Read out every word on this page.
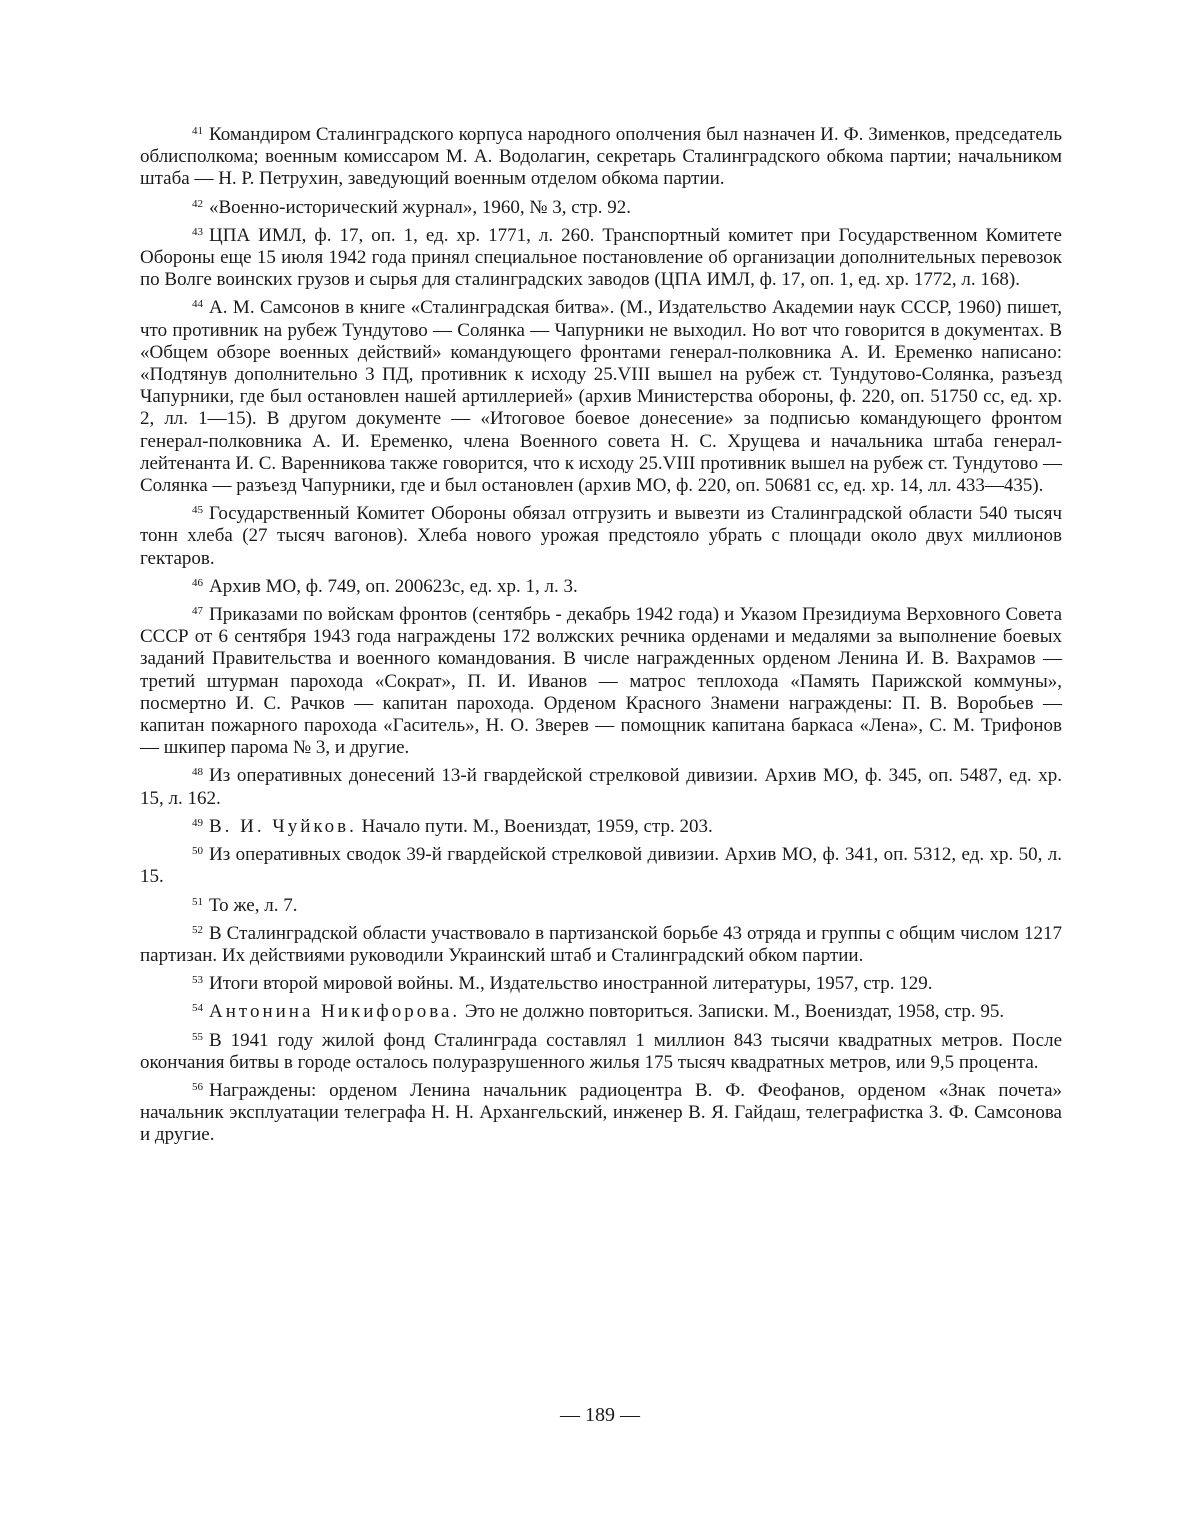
$^{41}$ Командиром Сталинградского корпуса народного ополчения был назначен И. Ф. Зименков, председатель облисполкома; военным комиссаром М. А. Водолагин, секретарь Сталинградского обкома партии; начальником штаба — Н. Р. Петрухин, заведующий военным отделом обкома партии.

$^{42}$ «Военно-исторический журнал», 1960, № 3, стр. 92.

$^{43}$ ЦПА ИМЛ, ф. 17, оп. 1, ед. хр. 1771, л. 260. Транспортный комитет при Государственном Комитете Обороны еще 15 июля 1942 года принял специальное постановление об организации дополнительных перевозок по Волге воинских грузов и сырья для сталинградских заводов (ЦПА ИМЛ, ф. 17, оп. 1, ед. хр. 1772, л. 168).

$^{44}$ А. М. Самсонов в книге «Сталинградская битва». (М., Издательство Академии наук СССР, 1960) пишет, что противник на рубеж Тундутово — Солянка — Чапурники не выходил. Но вот что говорится в документах. В «Общем обзоре военных действий» командующего фронтами генерал-полковника А. И. Еременко написано: «Подтянув дополнительно 3 ПД, противник к исходу 25.VIII вышел на рубеж ст. Тундутово-Солянка, разъезд Чапурники, где был остановлен нашей артиллерией» (архив Министерства обороны, ф. 220, оп. 51750 сс, ед. хр. 2, лл. 1—15). В другом документе — «Итоговое боевое донесение» за подписью командующего фронтом генерал-полковника А. И. Еременко, члена Военного совета Н. С. Хрущева и начальника штаба генерал-лейтенанта И. С. Варенникова также говорится, что к исходу 25.VIII противник вышел на рубеж ст. Тундутово — Солянка — разъезд Чапурники, где и был остановлен (архив МО, ф. 220, оп. 50681 сс, ед. хр. 14, лл. 433—435).

$^{45}$ Государственный Комитет Обороны обязал отгрузить и вывезти из Сталинградской области 540 тысяч тонн хлеба (27 тысяч вагонов). Хлеба нового урожая предстояло убрать с площади около двух миллионов гектаров.

$^{46}$ Архив МО, ф. 749, оп. 200623с, ед. хр. 1, л. 3.

$^{47}$ Приказами по войскам фронтов (сентябрь - декабрь 1942 года) и Указом Президиума Верховного Совета СССР от 6 сентября 1943 года награждены 172 волжских речника орденами и медалями за выполнение боевых заданий Правительства и военного командования. В числе награжденных орденом Ленина И. В. Вахрамов — третий штурман парохода «Сократ», П. И. Иванов — матрос теплохода «Память Парижской коммуны», посмертно И. С. Рачков — капитан парохода. Орденом Красного Знамени награждены: П. В. Воробьев — капитан пожарного парохода «Гаситель», Н. О. Зверев — помощник капитана баркаса «Лена», С. М. Трифонов — шкипер парома № 3, и другие.

$^{48}$ Из оперативных донесений 13-й гвардейской стрелковой дивизии. Архив МО, ф. 345, оп. 5487, ед. хр. 15, л. 162.

$^{49}$ В. И. Чуйков. Начало пути. М., Воениздат, 1959, стр. 203.

$^{50}$ Из оперативных сводок 39-й гвардейской стрелковой дивизии. Архив МО, ф. 341, оп. 5312, ед. хр. 50, л. 15.

$^{51}$ То же, л. 7.

$^{52}$ В Сталинградской области участвовало в партизанской борьбе 43 отряда и группы с общим числом 1217 партизан. Их действиями руководили Украинский штаб и Сталинградский обком партии.

$^{53}$ Итоги второй мировой войны. М., Издательство иностранной литературы, 1957, стр. 129.

$^{54}$ Антонина Никифорова. Это не должно повториться. Записки. М., Воениздат, 1958, стр. 95.

$^{55}$ В 1941 году жилой фонд Сталинграда составлял 1 миллион 843 тысячи квадратных метров. После окончания битвы в городе осталось полуразрушенного жилья 175 тысяч квадратных метров, или 9,5 процента.

$^{56}$ Награждены: орденом Ленина начальник радиоцентра В. Ф. Феофанов, орденом «Знак почета» начальник эксплуатации телеграфа Н. Н. Архангельский, инженер В. Я. Гайдаш, телеграфистка З. Ф. Самсонова и другие.

— 189 —
